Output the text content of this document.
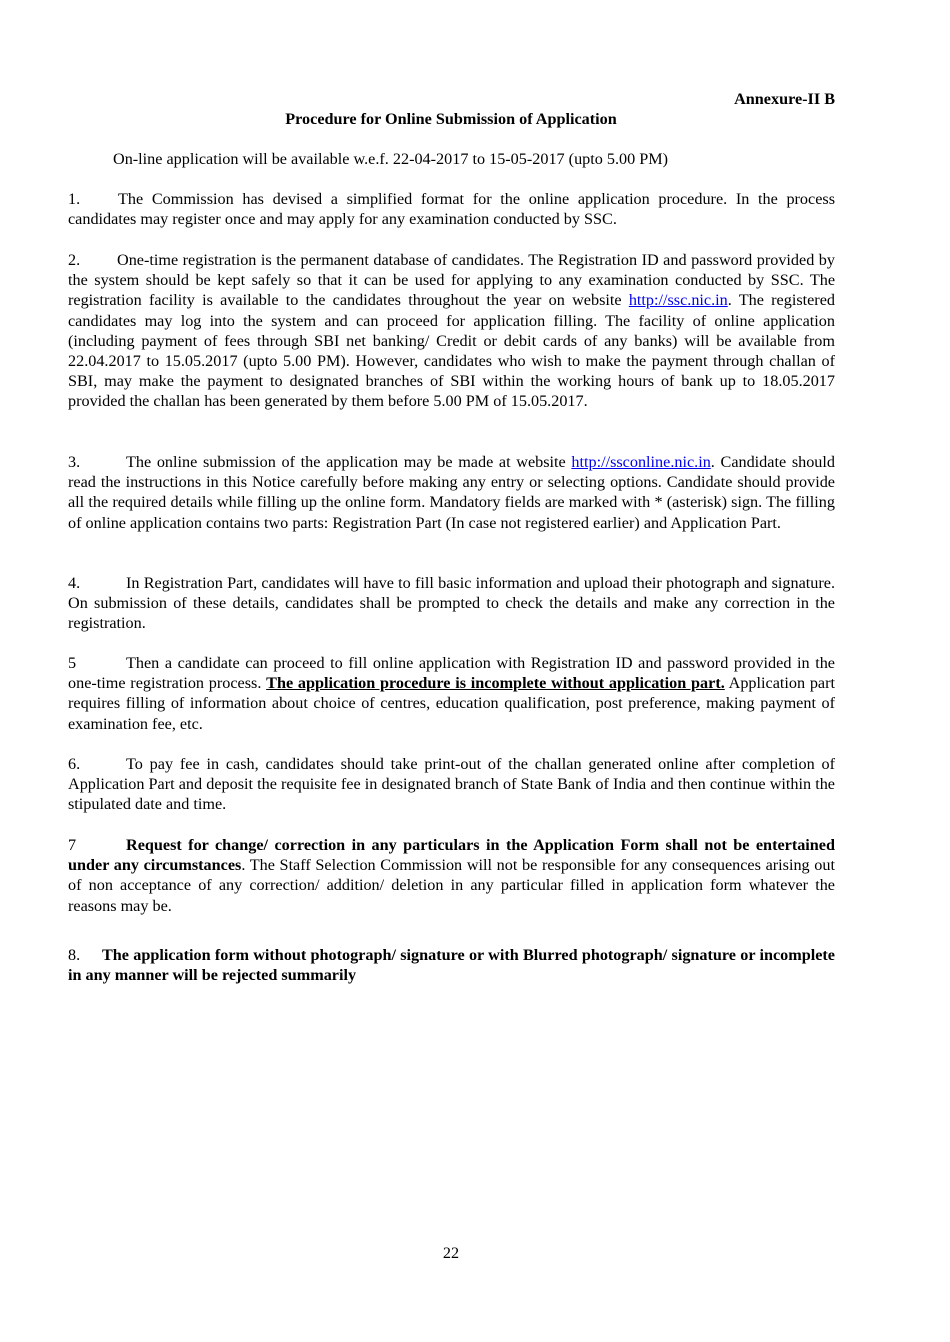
Annexure-II B
Procedure for Online Submission of Application
On-line application will be available w.e.f. 22-04-2017 to 15-05-2017 (upto 5.00 PM)

1. The Commission has devised a simplified format for the online application procedure. In the process candidates may register once and may apply for any examination conducted by SSC.

2. One-time registration is the permanent database of candidates. The Registration ID and password provided by the system should be kept safely so that it can be used for applying to any examination conducted by SSC. The registration facility is available to the candidates throughout the year on website http://ssc.nic.in. The registered candidates may log into the system and can proceed for application filling. The facility of online application (including payment of fees through SBI net banking/ Credit or debit cards of any banks) will be available from 22.04.2017 to 15.05.2017 (upto 5.00 PM). However, candidates who wish to make the payment through challan of SBI, may make the payment to designated branches of SBI within the working hours of bank up to 18.05.2017 provided the challan has been generated by them before 5.00 PM of 15.05.2017.

3.	The online submission of the application may be made at website http://ssconline.nic.in. Candidate should read the instructions in this Notice carefully before making any entry or selecting options. Candidate should provide all the required details while filling up the online form. Mandatory fields are marked with * (asterisk) sign. The filling of online application contains two parts: Registration Part (In case not registered earlier) and Application Part.

4.	In Registration Part, candidates will have to fill basic information and upload their photograph and signature. On submission of these details, candidates shall be prompted to check the details and make any correction in the registration.

5	Then a candidate can proceed to fill online application with Registration ID and password provided in the one-time registration process. The application procedure is incomplete without application part. Application part requires filling of information about choice of centres, education qualification, post preference, making payment of examination fee, etc.

6.	To pay fee in cash, candidates should take print-out of the challan generated online after completion of Application Part and deposit the requisite fee in designated branch of State Bank of India and then continue within the stipulated date and time.

7	Request for change/ correction in any particulars in the Application Form shall not be entertained under any circumstances. The Staff Selection Commission will not be responsible for any consequences arising out of non acceptance of any correction/ addition/ deletion in any particular filled in application form whatever the reasons may be.

8. The application form without photograph/ signature or with Blurred photograph/ signature or incomplete in any manner will be rejected summarily

22
